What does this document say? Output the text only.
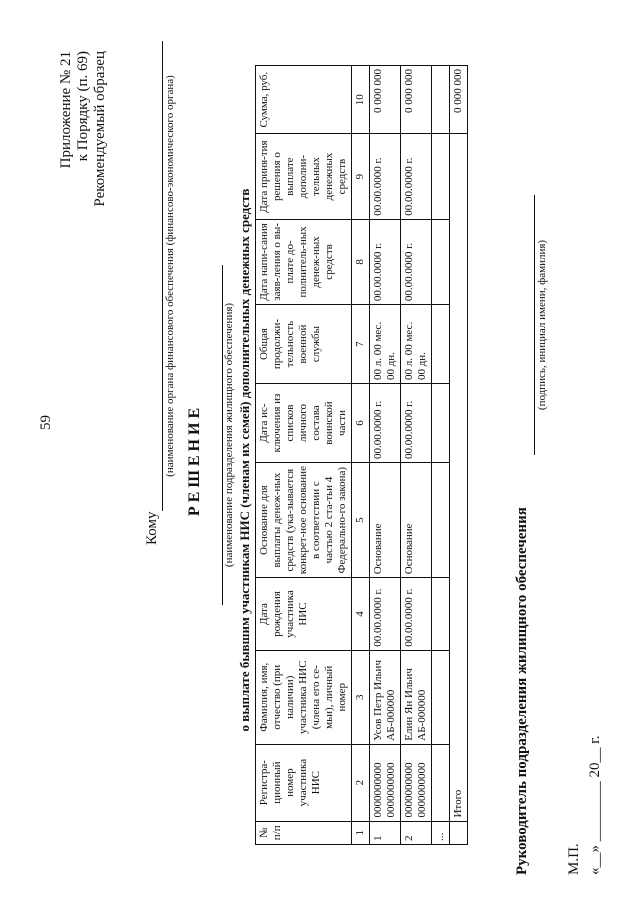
59
Приложение № 21 к Порядку (п. 69) Рекомендуемый образец
Кому
(наименование органа финансового обеспечения (финансово-экономического органа) РЕШЕНИЕ (наименование подразделения жилищного обеспечения) о выплате бывшим участникам НИС (членам их семей) дополнительных денежных средств
№ п/п	Регистра-ционный номер участника НИС	Фамилия, имя, отчество (при наличии) участника НИС (члена его се-мьи), личный номер	Дата рождения участника НИС	Основание для выплаты денеж-ных средств (ука-зывается конкрет-ное основание в соответствии с частью 2 ста-тьи 4 Федерально-го закона)	Дата ис-ключения из списков личного состава воинской части	Общая продолжи-тельность военной службы	Дата напи-сания заяв-ления о вы-плате до-полнитель-ных денеж-ных средств	Дата приня-тия решения о выплате дополни-тельных денежных средств	Сумма, руб.
1	2	3	4	5	6	7	8	9	10
1	0000000000 0000000000	Усов Петр Ильич АБ-000000	00.00.0000 г.	Основание	00.00.0000 г.	00 л. 00 мес. 00 дн.	00.00.0000 г.	00.00.0000 г.	0 000 000
2	0000000000 0000000000	Елин Ян Ильич АБ-000000	00.00.0000 г.	Основание	00.00.0000 г.	00 л. 00 мес. 00 дн.	00.00.0000 г.	00.00.0000 г.	0 000 000
...									
	Итого								0 000 000
Руководитель подразделения жилищного обеспечения
(подпись, инициал имени, фамилия)
М.П. «__» ________ 20__ г.
